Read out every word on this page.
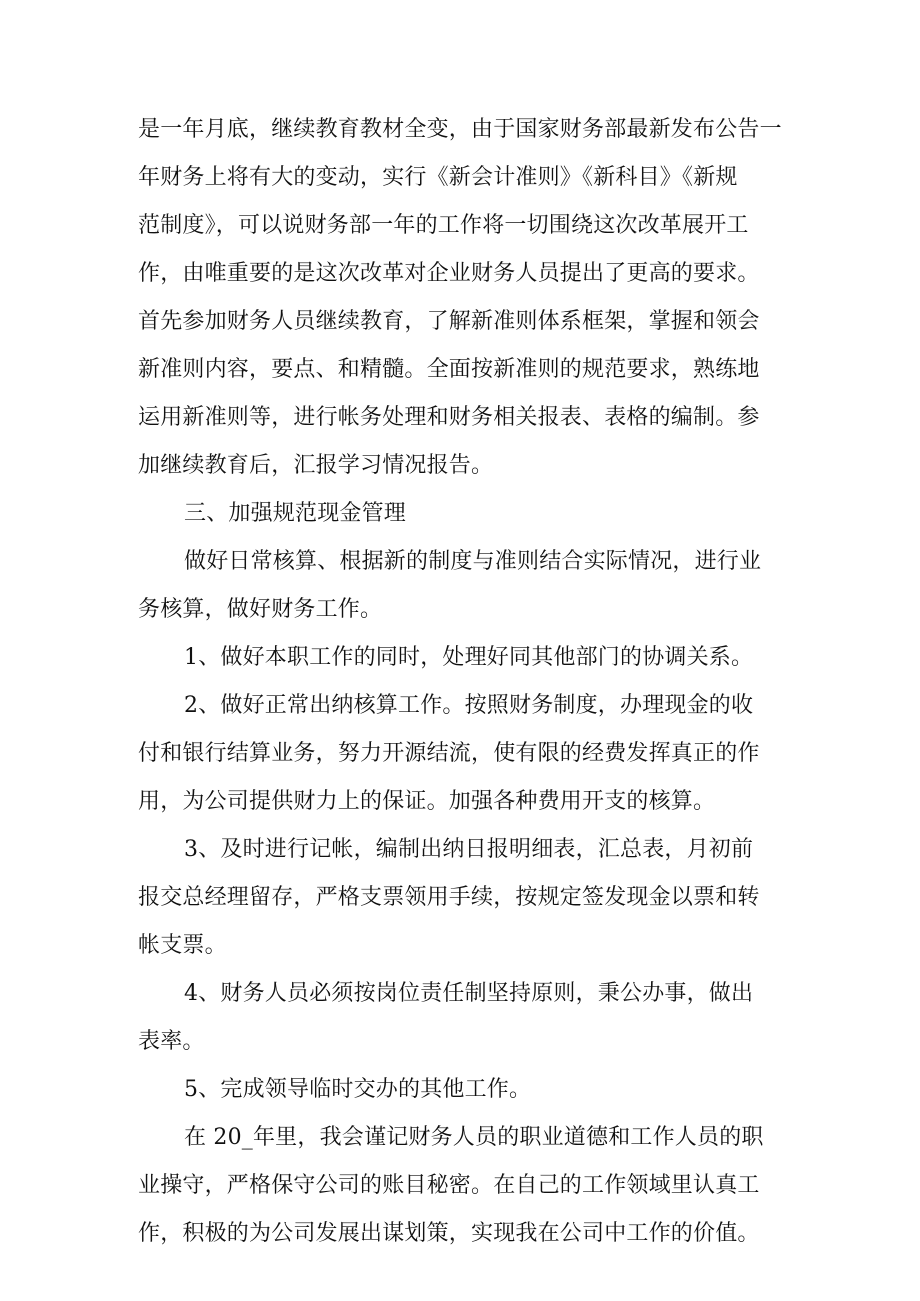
是一年月底，继续教育教材全变，由于国家财务部最新发布公告一
年财务上将有大的变动，实行《新会计准则》《新科目》《新规
范制度》，可以说财务部一年的工作将一切围绕这次改革展开工
作，由唯重要的是这次改革对企业财务人员提出了更高的要求。
首先参加财务人员继续教育，了解新准则体系框架，掌握和领会
新准则内容，要点、和精髓。全面按新准则的规范要求，熟练地
运用新准则等，进行帐务处理和财务相关报表、表格的编制。参
加继续教育后，汇报学习情况报告。
三、加强规范现金管理
做好日常核算、根据新的制度与准则结合实际情况，进行业
务核算，做好财务工作。
1、做好本职工作的同时，处理好同其他部门的协调关系。
2、做好正常出纳核算工作。按照财务制度，办理现金的收
付和银行结算业务，努力开源结流，使有限的经费发挥真正的作
用，为公司提供财力上的保证。加强各种费用开支的核算。
3、及时进行记帐，编制出纳日报明细表，汇总表，月初前
报交总经理留存，严格支票领用手续，按规定签发现金以票和转
帐支票。
4、财务人员必须按岗位责任制坚持原则，秉公办事，做出
表率。
5、完成领导临时交办的其他工作。
在 20_年里，我会谨记财务人员的职业道德和工作人员的职
业操守，严格保守公司的账目秘密。在自己的工作领域里认真工
作，积极的为公司发展出谋划策，实现我在公司中工作的价值。
